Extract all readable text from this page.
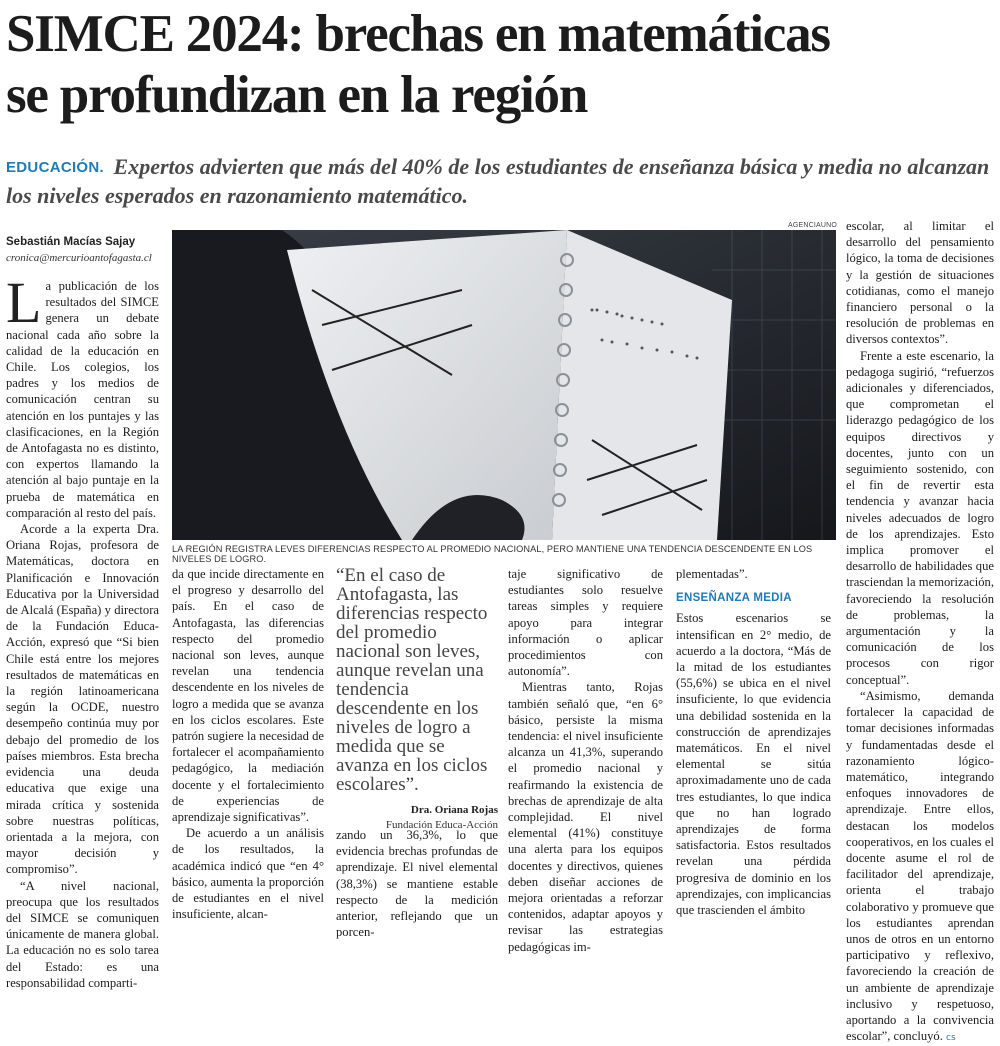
SIMCE 2024: brechas en matemáticas
se profundizan en la región
EDUCACIÓN. Expertos advierten que más del 40% de los estudiantes de enseñanza básica y media no alcanzan los niveles esperados en razonamiento matemático.
Sebastián Macías Sajay
cronica@mercurioantofagasta.cl

La publicación de los resultados del SIMCE genera un debate nacional cada año sobre la calidad de la educación en Chile. Los colegios, los padres y los medios de comunicación centran su atención en los puntajes y las clasificaciones, en la Región de Antofagasta no es distinto, con expertos llamando la atención al bajo puntaje en la prueba de matemática en comparación al resto del país.

Acorde a la experta Dra. Oriana Rojas, profesora de Matemáticas, doctora en Planificación e Innovación Educativa por la Universidad de Alcalá (España) y directora de la Fundación Educa-Acción, expresó que “Si bien Chile está entre los mejores resultados de matemáticas en la región latinoamericana según la OCDE, nuestro desempeño continúa muy por debajo del promedio de los países miembros. Esta brecha evidencia una deuda educativa que exige una mirada crítica y sostenida sobre nuestras políticas, orientada a la mejora, con mayor decisión y compromiso”.

“A nivel nacional, preocupa que los resultados del SIMCE se comuniquen únicamente de manera global. La educación no es solo tarea del Estado: es una responsabilidad comparti-

AGENCIAUNO
LA REGIÓN REGISTRA LEVES DIFERENCIAS RESPECTO AL PROMEDIO NACIONAL, PERO MANTIENE UNA TENDENCIA DESCENDENTE EN LOS NIVELES DE LOGRO.

da que incide directamente en el progreso y desarrollo del país. En el caso de Antofagasta, las diferencias respecto del promedio nacional son leves, aunque revelan una tendencia descendente en los niveles de logro a medida que se avanza en los ciclos escolares. Este patrón sugiere la necesidad de fortalecer el acompañamiento pedagógico, la mediación docente y el fortalecimiento de experiencias de aprendizaje significativas”.

De acuerdo a un análisis de los resultados, la académica indicó que “en 4° básico, aumenta la proporción de estudiantes en el nivel insuficiente, alcan-

“En el caso de Antofagasta, las diferencias respecto del promedio nacional son leves, aunque revelan una tendencia descendente en los niveles de logro a medida que se avanza en los ciclos escolares”.
Dra. Oriana Rojas
Fundación Educa-Acción

zando un 36,3%, lo que evidencia brechas profundas de aprendizaje. El nivel elemental (38,3%) se mantiene estable respecto de la medición anterior, reflejando que un porcen-

taje significativo de estudiantes solo resuelve tareas simples y requiere apoyo para integrar información o aplicar procedimientos con autonomía”.

Mientras tanto, Rojas también señaló que, “en 6° básico, persiste la misma tendencia: el nivel insuficiente alcanza un 41,3%, superando el promedio nacional y reafirmando la existencia de brechas de aprendizaje de alta complejidad. El nivel elemental (41%) constituye una alerta para los equipos docentes y directivos, quienes deben diseñar acciones de mejora orientadas a reforzar contenidos, adaptar apoyos y revisar las estrategias pedagógicas im-

plementadas”.

ENSEÑANZA MEDIA

Estos escenarios se intensifican en 2° medio, de acuerdo a la doctora, “Más de la mitad de los estudiantes (55,6%) se ubica en el nivel insuficiente, lo que evidencia una debilidad sostenida en la construcción de aprendizajes matemáticos. En el nivel elemental se sitúa aproximadamente uno de cada tres estudiantes, lo que indica que no han logrado aprendizajes de forma satisfactoria. Estos resultados revelan una pérdida progresiva de dominio en los aprendizajes, con implicancias que trascienden el ámbito

escolar, al limitar el desarrollo del pensamiento lógico, la toma de decisiones y la gestión de situaciones cotidianas, como el manejo financiero personal o la resolución de problemas en diversos contextos”.

Frente a este escenario, la pedagoga sugirió, “refuerzos adicionales y diferenciados, que comprometan el liderazgo pedagógico de los equipos directivos y docentes, junto con un seguimiento sostenido, con el fin de revertir esta tendencia y avanzar hacia niveles adecuados de logro de los aprendizajes. Esto implica promover el desarrollo de habilidades que trasciendan la memorización, favoreciendo la resolución de problemas, la argumentación y la comunicación de los procesos con rigor conceptual”.

“Asimismo, demanda fortalecer la capacidad de tomar decisiones informadas y fundamentadas desde el razonamiento lógico-matemático, integrando enfoques innovadores de aprendizaje. Entre ellos, destacan los modelos cooperativos, en los cuales el docente asume el rol de facilitador del aprendizaje, orienta el trabajo colaborativo y promueve que los estudiantes aprendan unos de otros en un entorno participativo y reflexivo, favoreciendo la creación de un ambiente de aprendizaje inclusivo y respetuoso, aportando a la convivencia escolar”, concluyó. cs
